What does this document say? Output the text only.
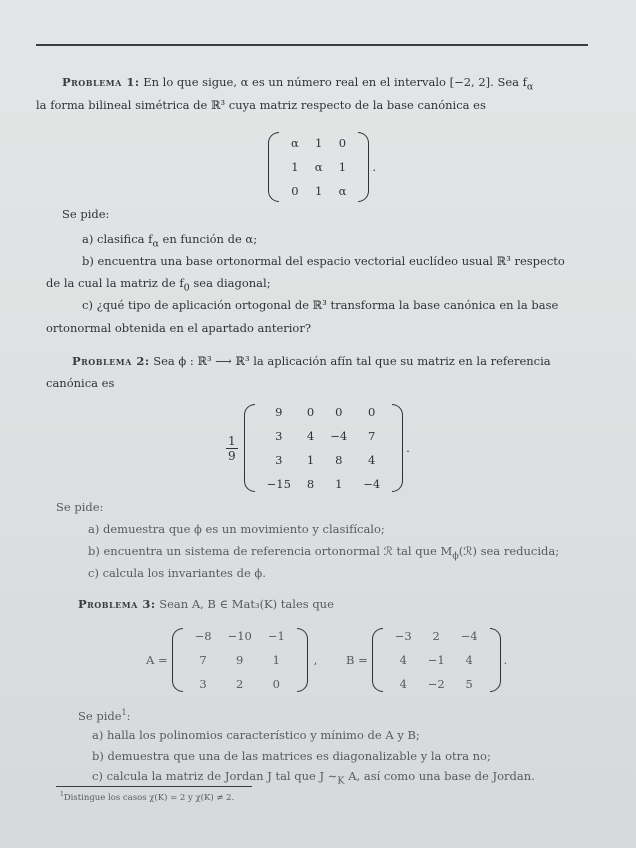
Problema 1: En lo que sigue, α es un número real en el intervalo [−2, 2]. Sea $f_\alpha$
la forma bilineal simétrica de ℝ³ cuya matriz respecto de la base canónica es
α	1	0
1	α	1
0	1	α
.
Se pide:
a) clasifica $f_\alpha$ en función de α;
b) encuentra una base ortonormal del espacio vectorial euclídeo usual ℝ³ respecto
de la cual la matriz de $f_0$ sea diagonal;
c) ¿qué tipo de aplicación ortogonal de ℝ³ transforma la base canónica en la base
ortonormal obtenida en el apartado anterior?
Problema 2: Sea ϕ : ℝ³ ⟶ ℝ³ la aplicación afín tal que su matriz en la referencia
canónica es
$\frac{1}{9}$
9	0	0	0
3	4	−4	7
3	1	8	4
−15	8	1	−4
.
Se pide:
a) demuestra que ϕ es un movimiento y clasifícalo;
b) encuentra un sistema de referencia ortonormal ℛ tal que $M_\phi(ℛ)$ sea reducida;
c) calcula los invariantes de ϕ.
Problema 3: Sean A, B ∈ Mat₃(K) tales que
A =
−8	−10	−1
7	9	1
3	2	0
, B =
−3	2	−4
4	−1	4
4	−2	5
.
Se pide$^1$:
a) halla los polinomios característico y mínimo de A y B;
b) demuestra que una de las matrices es diagonalizable y la otra no;
c) calcula la matriz de Jordan J tal que J $\sim_K$ A, así como una base de Jordan.
$^1$Distingue los casos χ(K) = 2 y χ(K) ≠ 2.
